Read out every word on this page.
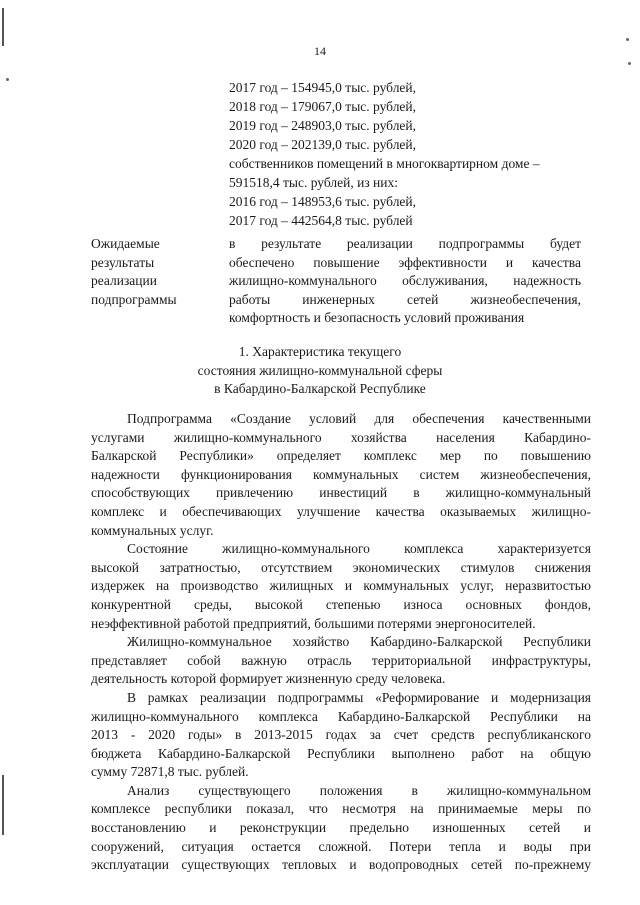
14
2017 год – 154945,0 тыс. рублей,
2018 год – 179067,0 тыс. рублей,
2019 год – 248903,0 тыс. рублей,
2020 год – 202139,0 тыс. рублей,
собственников помещений в многоквартирном доме –
591518,4 тыс. рублей, из них:
2016 год – 148953,6 тыс. рублей,
2017 год – 442564,8 тыс. рублей
Ожидаемые
результаты
реализации
подпрограммы
в результате реализации подпрограммы будет
обеспечено повышение эффективности и качества
жилищно-коммунального обслуживания, надежность
работы инженерных сетей жизнеобеспечения,
комфортность и безопасность условий проживания
1. Характеристика текущего
состояния жилищно-коммунальной сферы
в Кабардино-Балкарской Республике
Подпрограмма «Создание условий для обеспечения качественными
услугами жилищно-коммунального хозяйства населения Кабардино-
Балкарской Республики» определяет комплекс мер по повышению
надежности функционирования коммунальных систем жизнеобеспечения,
способствующих привлечению инвестиций в жилищно-коммунальный
комплекс и обеспечивающих улучшение качества оказываемых жилищно-
коммунальных услуг.
Состояние жилищно-коммунального комплекса характеризуется
высокой затратностью, отсутствием экономических стимулов снижения
издержек на производство жилищных и коммунальных услуг, неразвитостью
конкурентной среды, высокой степенью износа основных фондов,
неэффективной работой предприятий, большими потерями энергоносителей.
Жилищно-коммунальное хозяйство Кабардино-Балкарской Республики
представляет собой важную отрасль территориальной инфраструктуры,
деятельность которой формирует жизненную среду человека.
В рамках реализации подпрограммы «Реформирование и модернизация
жилищно-коммунального комплекса Кабардино-Балкарской Республики на
2013 - 2020 годы» в 2013-2015 годах за счет средств республиканского
бюджета Кабардино-Балкарской Республики выполнено работ на общую
сумму 72871,8 тыс. рублей.
Анализ существующего положения в жилищно-коммунальном
комплексе республики показал, что несмотря на принимаемые меры по
восстановлению и реконструкции предельно изношенных сетей и
сооружений, ситуация остается сложной. Потери тепла и воды при
эксплуатации существующих тепловых и водопроводных сетей по-прежнему
